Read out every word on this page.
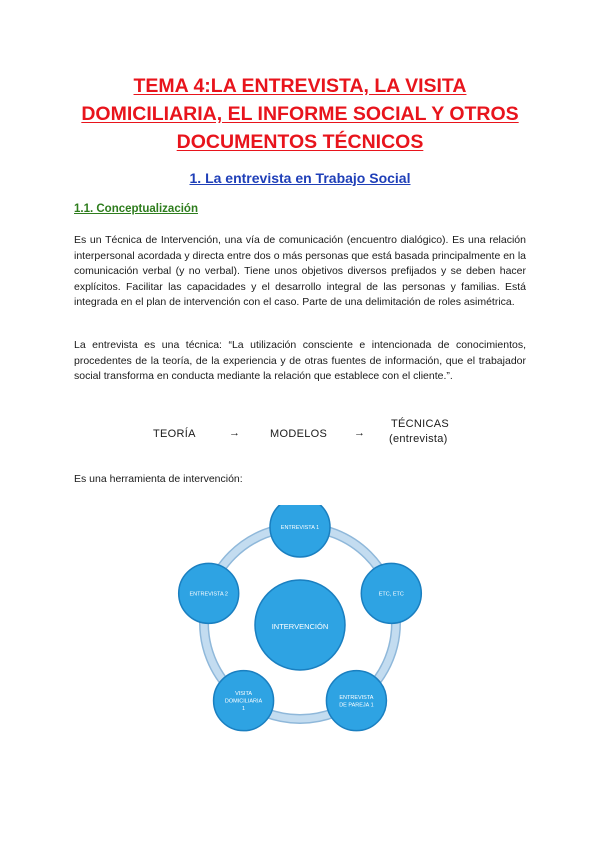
TEMA 4:LA ENTREVISTA, LA VISITA
DOMICILIARIA, EL INFORME SOCIAL Y OTROS
DOCUMENTOS TÉCNICOS
1. La entrevista en Trabajo Social
1.1. Conceptualización

Es un Técnica de Intervención, una vía de comunicación (encuentro dialógico). Es una relación interpersonal acordada y directa entre dos o más personas que está basada principalmente en la comunicación verbal (y no verbal). Tiene unos objetivos diversos prefijados y se deben hacer explícitos. Facilitar las capacidades y el desarrollo integral de las personas y familias. Está integrada en el plan de intervención con el caso. Parte de una delimitación de roles asimétrica.

La entrevista es una técnica: “La utilización consciente e intencionada de conocimientos, procedentes de la teoría, de la experiencia y de otras fuentes de información, que el trabajador social transforma en conducta mediante la relación que establece con el cliente.”.

TEORÍA	→	MODELOS →
TÉCNICAS
(entrevista)
Es una herramienta de intervención:
INTERVENCIÓN
ENTREVISTA 1
ETC, ETC
ENTREVISTA
DE PAREJA 1
VISITA
DOMICILIARIA
1
ENTREVISTA 2
